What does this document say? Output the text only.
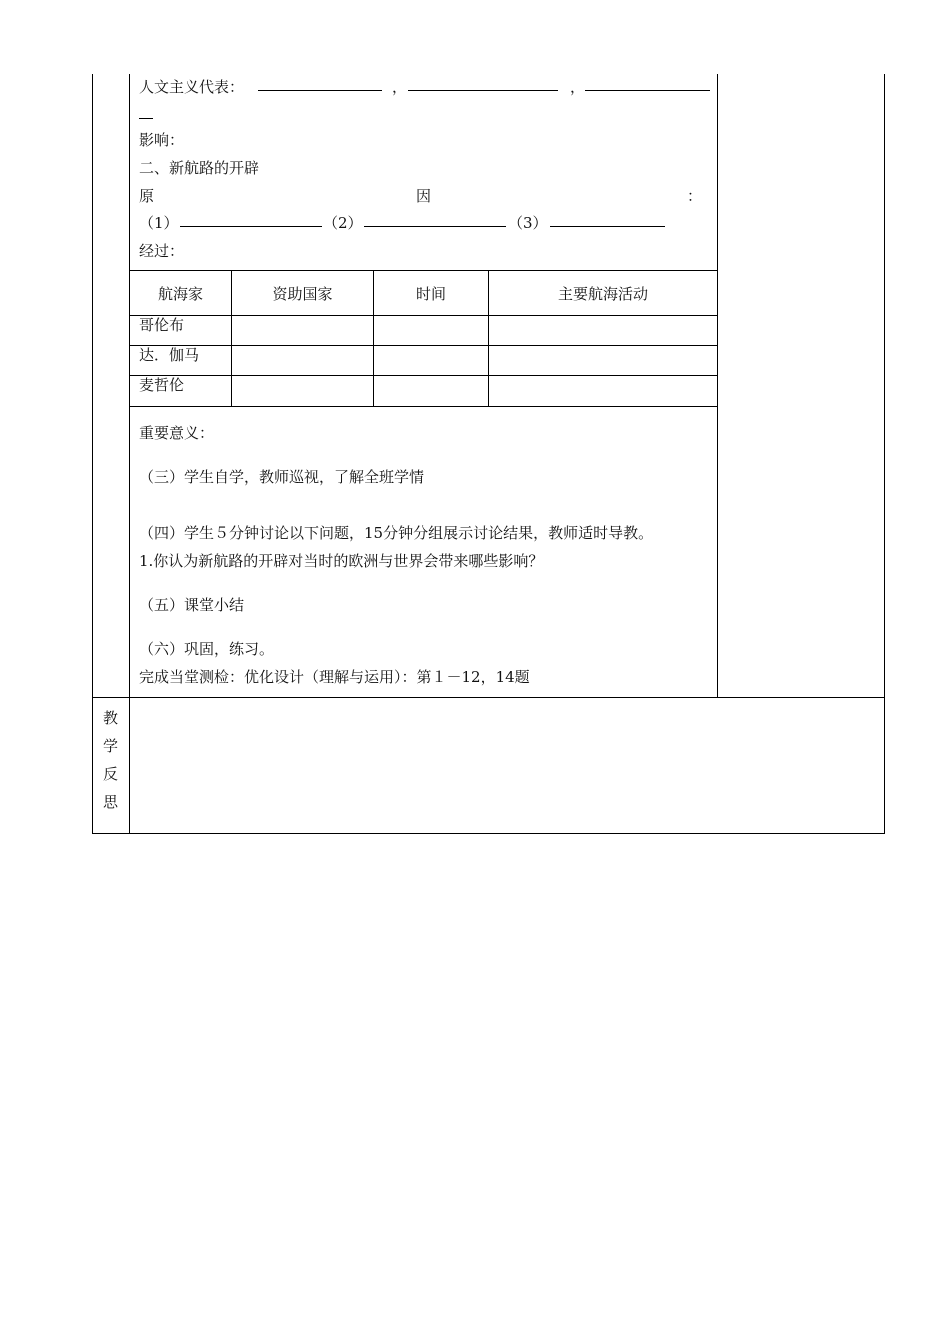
人文主义代表：	，	，
影响：
二、新航路的开辟
原	因	：
（1）	（2）	（3）
经过：
航海家	资助国家	时间	主要航海活动
哥伦布
达．伽马
麦哲伦
重要意义：
（三）学生自学，教师巡视，了解全班学情
（四）学生５分钟讨论以下问题，15分钟分组展示讨论结果，教师适时导教。
1.你认为新航路的开辟对当时的欧洲与世界会带来哪些影响？
（五）课堂小结
（六）巩固，练习。
完成当堂测检：优化设计（理解与运用）：第１－12，14题
教
学
反
思
